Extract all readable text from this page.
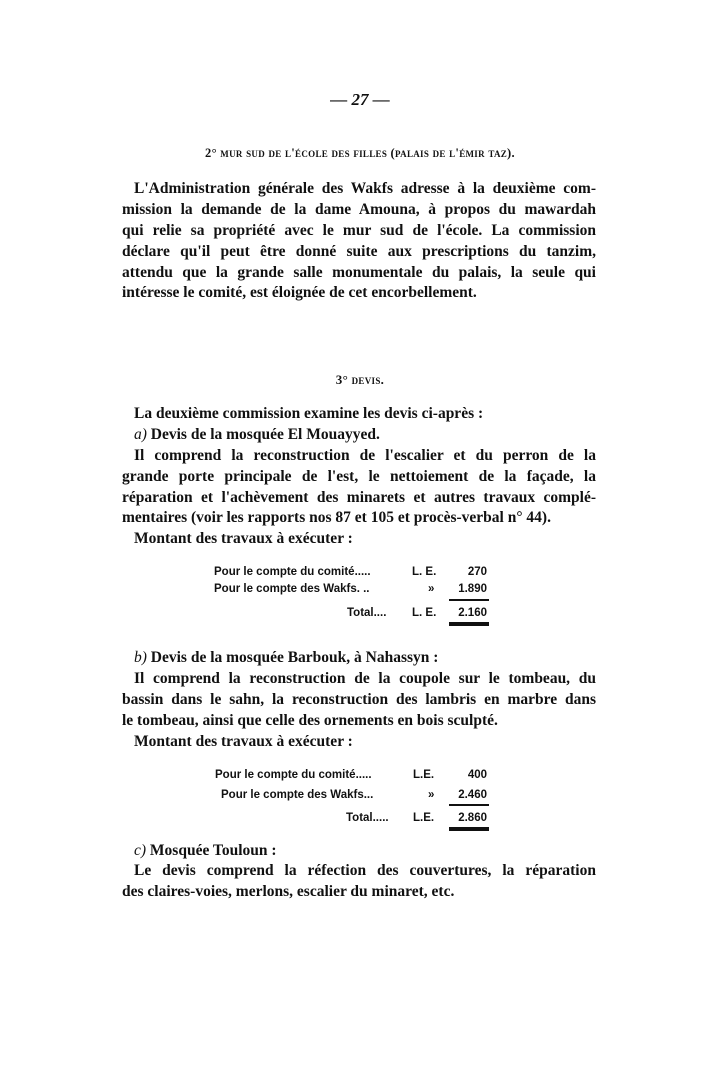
— 27 —
2° mur sud de l'école des filles (palais de l'émir taz).
L'Administration générale des Wakfs adresse à la deuxième com-
mission la demande de la dame Amouna, à propos du mawardah
qui relie sa propriété avec le mur sud de l'école. La commission
déclare qu'il peut être donné suite aux prescriptions du tanzim,
attendu que la grande salle monumentale du palais, la seule qui
intéresse le comité, est éloignée de cet encorbellement.
3° devis.
La deuxième commission examine les devis ci-après :
a) Devis de la mosquée El Mouayyed.
Il comprend la reconstruction de l'escalier et du perron de la
grande porte principale de l'est, le nettoiement de la façade, la
réparation et l'achèvement des minarets et autres travaux complé-
mentaires (voir les rapports nos 87 et 105 et procès-verbal n° 44).
Montant des travaux à exécuter :
Pour le compte du comité.....	L. E.	270
Pour le compte des Wakfs. ..	»	1.890
Total.... L. E.	2.160
b) Devis de la mosquée Barbouk, à Nahassyn :
Il comprend la reconstruction de la coupole sur le tombeau, du
bassin dans le sahn, la reconstruction des lambris en marbre dans
le tombeau, ainsi que celle des ornements en bois sculpté.
Montant des travaux à exécuter :
Pour le compte du comité.....	L.E.	400
Pour le compte des Wakfs...	»	2.460
Total..... L.E.	2.860
c) Mosquée Touloun :
Le devis comprend la réfection des couvertures, la réparation
des claires-voies, merlons, escalier du minaret, etc.
